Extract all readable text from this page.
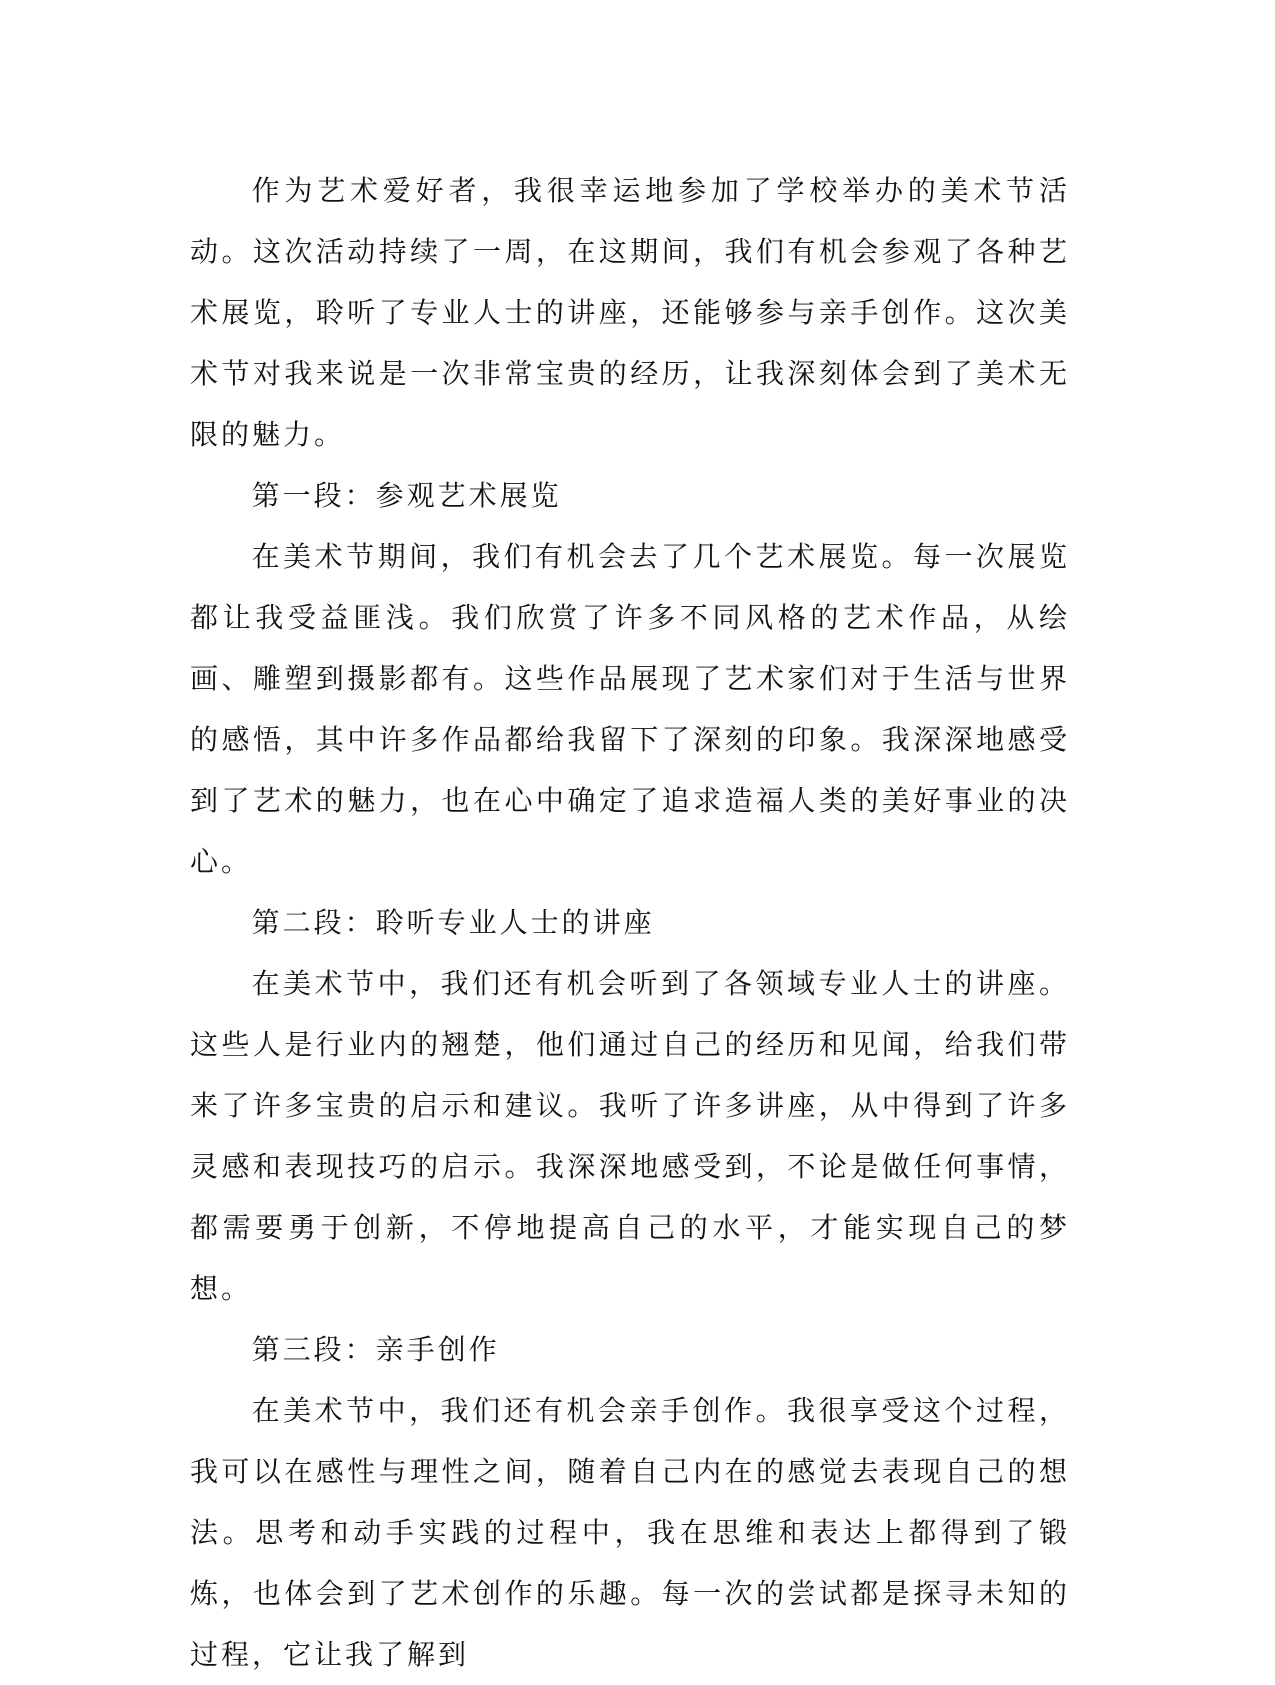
作为艺术爱好者，我很幸运地参加了学校举办的美术节活动。这次活动持续了一周，在这期间，我们有机会参观了各种艺术展览，聆听了专业人士的讲座，还能够参与亲手创作。这次美术节对我来说是一次非常宝贵的经历，让我深刻体会到了美术无限的魅力。

第一段：参观艺术展览

在美术节期间，我们有机会去了几个艺术展览。每一次展览都让我受益匪浅。我们欣赏了许多不同风格的艺术作品，从绘画、雕塑到摄影都有。这些作品展现了艺术家们对于生活与世界的感悟，其中许多作品都给我留下了深刻的印象。我深深地感受到了艺术的魅力，也在心中确定了追求造福人类的美好事业的决心。

第二段：聆听专业人士的讲座

在美术节中，我们还有机会听到了各领域专业人士的讲座。这些人是行业内的翘楚，他们通过自己的经历和见闻，给我们带来了许多宝贵的启示和建议。我听了许多讲座，从中得到了许多灵感和表现技巧的启示。我深深地感受到，不论是做任何事情，都需要勇于创新，不停地提高自己的水平，才能实现自己的梦想。

第三段：亲手创作

在美术节中，我们还有机会亲手创作。我很享受这个过程，我可以在感性与理性之间，随着自己内在的感觉去表现自己的想法。思考和动手实践的过程中，我在思维和表达上都得到了锻炼，也体会到了艺术创作的乐趣。每一次的尝试都是探寻未知的过程，它让我了解到
